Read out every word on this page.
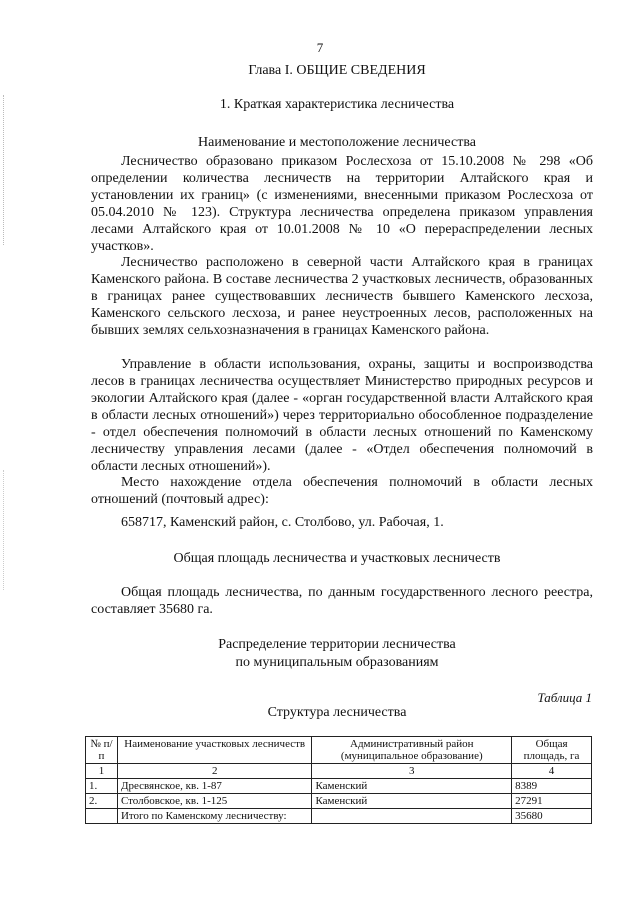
7
Глава I. ОБЩИЕ СВЕДЕНИЯ
1. Краткая характеристика лесничества
Наименование и местоположение лесничества

Лесничество образовано приказом Рослесхоза от 15.10.2008 № 298 «Об определении количества лесничеств на территории Алтайского края и установлении их границ» (с изменениями, внесенными приказом Рослесхоза от 05.04.2010 № 123). Структура лесничества определена приказом управления лесами Алтайского края от 10.01.2008 № 10 «О перераспределении лесных участков».

Лесничество расположено в северной части Алтайского края в границах Каменского района. В составе лесничества 2 участковых лесничеств, образованных в границах ранее существовавших лесничеств бывшего Каменского лесхоза, Каменского сельского лесхоза, и ранее неустроенных лесов, расположенных на бывших землях сельхозназначения в границах Каменского района.

Управление в области использования, охраны, защиты и воспроизводства лесов в границах лесничества осуществляет Министерство природных ресурсов и экологии Алтайского края (далее - «орган государственной власти Алтайского края в области лесных отношений») через территориально обособленное подразделение - отдел обеспечения полномочий в области лесных отношений по Каменскому лесничеству управления лесами (далее - «Отдел обеспечения полномочий в области лесных отношений»).

Место нахождение отдела обеспечения полномочий в области лесных отношений (почтовый адрес):

658717, Каменский район, с. Столбово, ул. Рабочая, 1.

Общая площадь лесничества и участковых лесничеств

Общая площадь лесничества, по данным государственного лесного реестра, составляет 35680 га.

Распределение территории лесничества
по муниципальным образованиям
Таблица 1
Структура лесничества
№ п/п	Наименование участковых лесничеств	Административный район (муниципальное образование)	Общая площадь, га
1	2	3	4
1.	Дресвянское, кв. 1-87	Каменский	8389
2.	Столбовское, кв. 1-125	Каменский	27291
	Итого по Каменскому лесничеству:		35680
